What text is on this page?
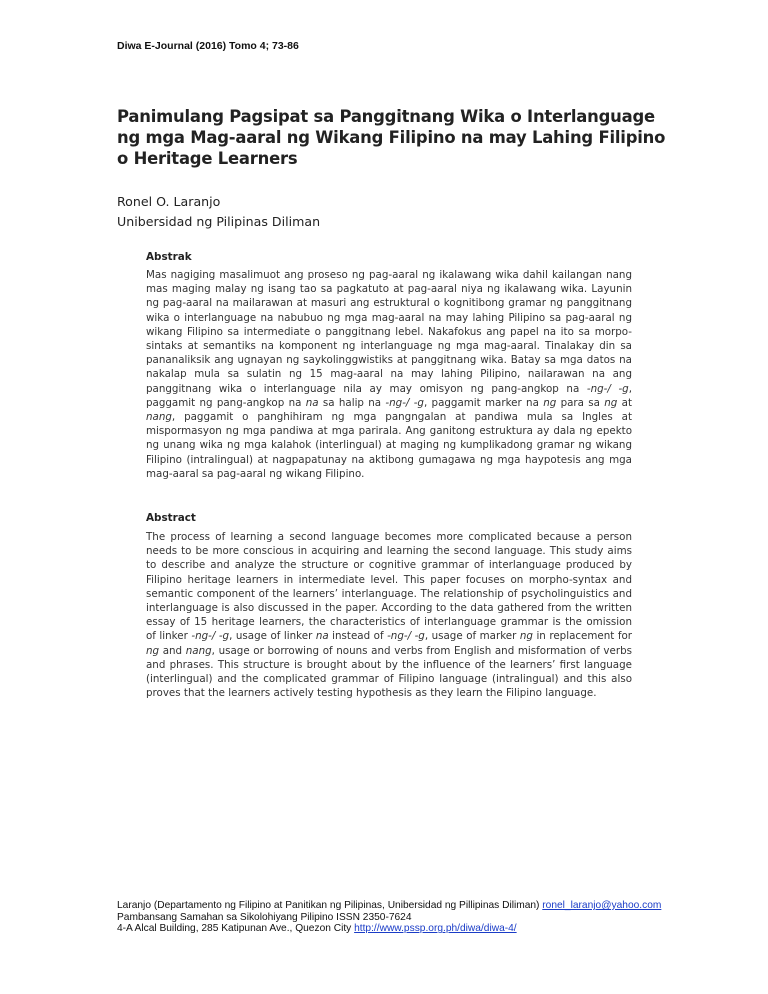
Diwa E-Journal (2016) Tomo 4; 73-86
Panimulang Pagsipat sa Panggitnang Wika o Interlanguage ng mga Mag-aaral ng Wikang Filipino na may Lahing Filipino o Heritage Learners
Ronel O. Laranjo
Unibersidad ng Pilipinas Diliman
Abstrak

Mas nagiging masalimuot ang proseso ng pag-aaral ng ikalawang wika dahil kailangan nang mas maging malay ng isang tao sa pagkatuto at pag-aaral niya ng ikalawang wika. Layunin ng pag-aaral na mailarawan at masuri ang estruktural o kognitibong gramar ng panggitnang wika o interlanguage na nabubuo ng mga mag-aaral na may lahing Pilipino sa pag-aaral ng wikang Filipino sa intermediate o panggitnang lebel. Nakafokus ang papel na ito sa morpo-sintaks at semantiks na komponent ng interlanguage ng mga mag-aaral. Tinalakay din sa pananaliksik ang ugnayan ng saykolinggwistiks at panggitnang wika. Batay sa mga datos na nakalap mula sa sulatin ng 15 mag-aaral na may lahing Pilipino, nailarawan na ang panggitnang wika o interlanguage nila ay may omisyon ng pang-angkop na -ng-/ -g, paggamit ng pang-angkop na na sa halip na -ng-/ -g, paggamit marker na ng para sa ng at nang, paggamit o panghihiram ng mga pangngalan at pandiwa mula sa Ingles at mispormasyon ng mga pandiwa at mga parirala. Ang ganitong estruktura ay dala ng epekto ng unang wika ng mga kalahok (interlingual) at maging ng kumplikadong gramar ng wikang Filipino (intralingual) at nagpapatunay na aktibong gumagawa ng mga haypotesis ang mga mag-aaral sa pag-aaral ng wikang Filipino.

Abstract

The process of learning a second language becomes more complicated because a person needs to be more conscious in acquiring and learning the second language. This study aims to describe and analyze the structure or cognitive grammar of interlanguage produced by Filipino heritage learners in intermediate level. This paper focuses on morpho-syntax and semantic component of the learners’ interlanguage. The relationship of psycholinguistics and interlanguage is also discussed in the paper. According to the data gathered from the written essay of 15 heritage learners, the characteristics of interlanguage grammar is the omission of linker -ng-/ -g, usage of linker na instead of -ng-/ -g, usage of marker ng in replacement for ng and nang, usage or borrowing of nouns and verbs from English and misformation of verbs and phrases. This structure is brought about by the influence of the learners’ first language (interlingual) and the complicated grammar of Filipino language (intralingual) and this also proves that the learners actively testing hypothesis as they learn the Filipino language.

Laranjo (Departamento ng Filipino at Panitikan ng Pilipinas, Unibersidad ng Pillipinas Diliman) ronel_laranjo@yahoo.com
Pambansang Samahan sa Sikolohiyang Pilipino ISSN 2350-7624
4-A Alcal Building, 285 Katipunan Ave., Quezon City http://www.pssp.org.ph/diwa/diwa-4/
